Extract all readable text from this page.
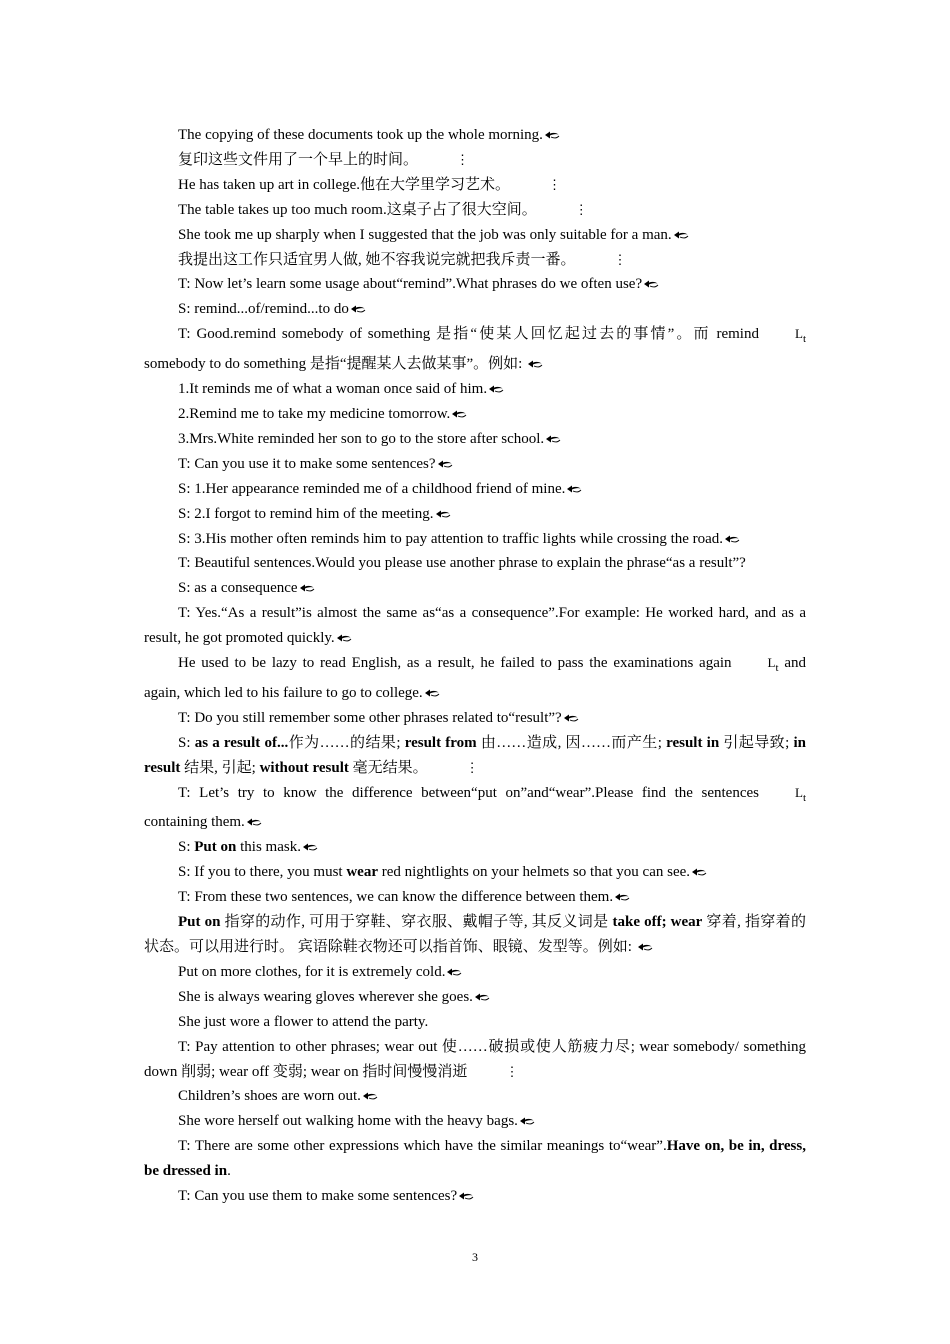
The copying of these documents took up the whole morning.

复印这些文件用了一个早上的时间。	⋮

He has taken up art in college.他在大学里学习艺术。	⋮

The table takes up too much room.这桌子占了很大空间。	⋮

She took me up sharply when I suggested that the job was only suitable for a man.

我提出这工作只适宜男人做, 她不容我说完就把我斥责一番。	⋮

T: Now let’s learn some usage about“remind”.What phrases do we often use?

S: remind...of/remind...to do

T: Good.remind somebody of something 是指“使某人回忆起过去的事情”。而 remind	$L_t$ somebody to do something 是指“提醒某人去做某事”。例如:

1.It reminds me of what a woman once said of him.

2.Remind me to take my medicine tomorrow.

3.Mrs.White reminded her son to go to the store after school.

T: Can you use it to make some sentences?

S: 1.Her appearance reminded me of a childhood friend of mine.

S: 2.I forgot to remind him of the meeting.

S: 3.His mother often reminds him to pay attention to traffic lights while crossing the road.

T: Beautiful sentences.Would you please use another phrase to explain the phrase“as a result”?

S: as a consequence

T: Yes.“As a result”is almost the same as“as a consequence”.For example: He worked hard, and as a result, he got promoted quickly.

He used to be lazy to read English, as a result, he failed to pass the examinations again	$L_t$ and again, which led to his failure to go to college.

T: Do you still remember some other phrases related to“result”?

S: as a result of...作为……的结果; result from 由……造成, 因……而产生; result in 引起导致; in result 结果, 引起; without result 毫无结果。	⋮

T: Let’s try to know the difference between“put on”and“wear”.Please find the sentences	$L_t$ containing them.

S: Put on this mask.

S: If you to there, you must wear red nightlights on your helmets so that you can see.

T: From these two sentences, we can know the difference between them.

Put on 指穿的动作, 可用于穿鞋、穿衣服、戴帽子等, 其反义词是 take off; wear 穿着, 指穿着的状态。可以用进行时。 宾语除鞋衣物还可以指首饰、眼镜、发型等。例如:

Put on more clothes, for it is extremely cold.

She is always wearing gloves wherever she goes.

She just wore a flower to attend the party.

T: Pay attention to other phrases; wear out 使……破损或使人筋疲力尽; wear somebody/ something down 削弱; wear off 变弱; wear on 指时间慢慢消逝	⋮

Children’s shoes are worn out.

She wore herself out walking home with the heavy bags.

T: There are some other expressions which have the similar meanings to“wear”.Have on, be in, dress, be dressed in.

T: Can you use them to make some sentences?

3
